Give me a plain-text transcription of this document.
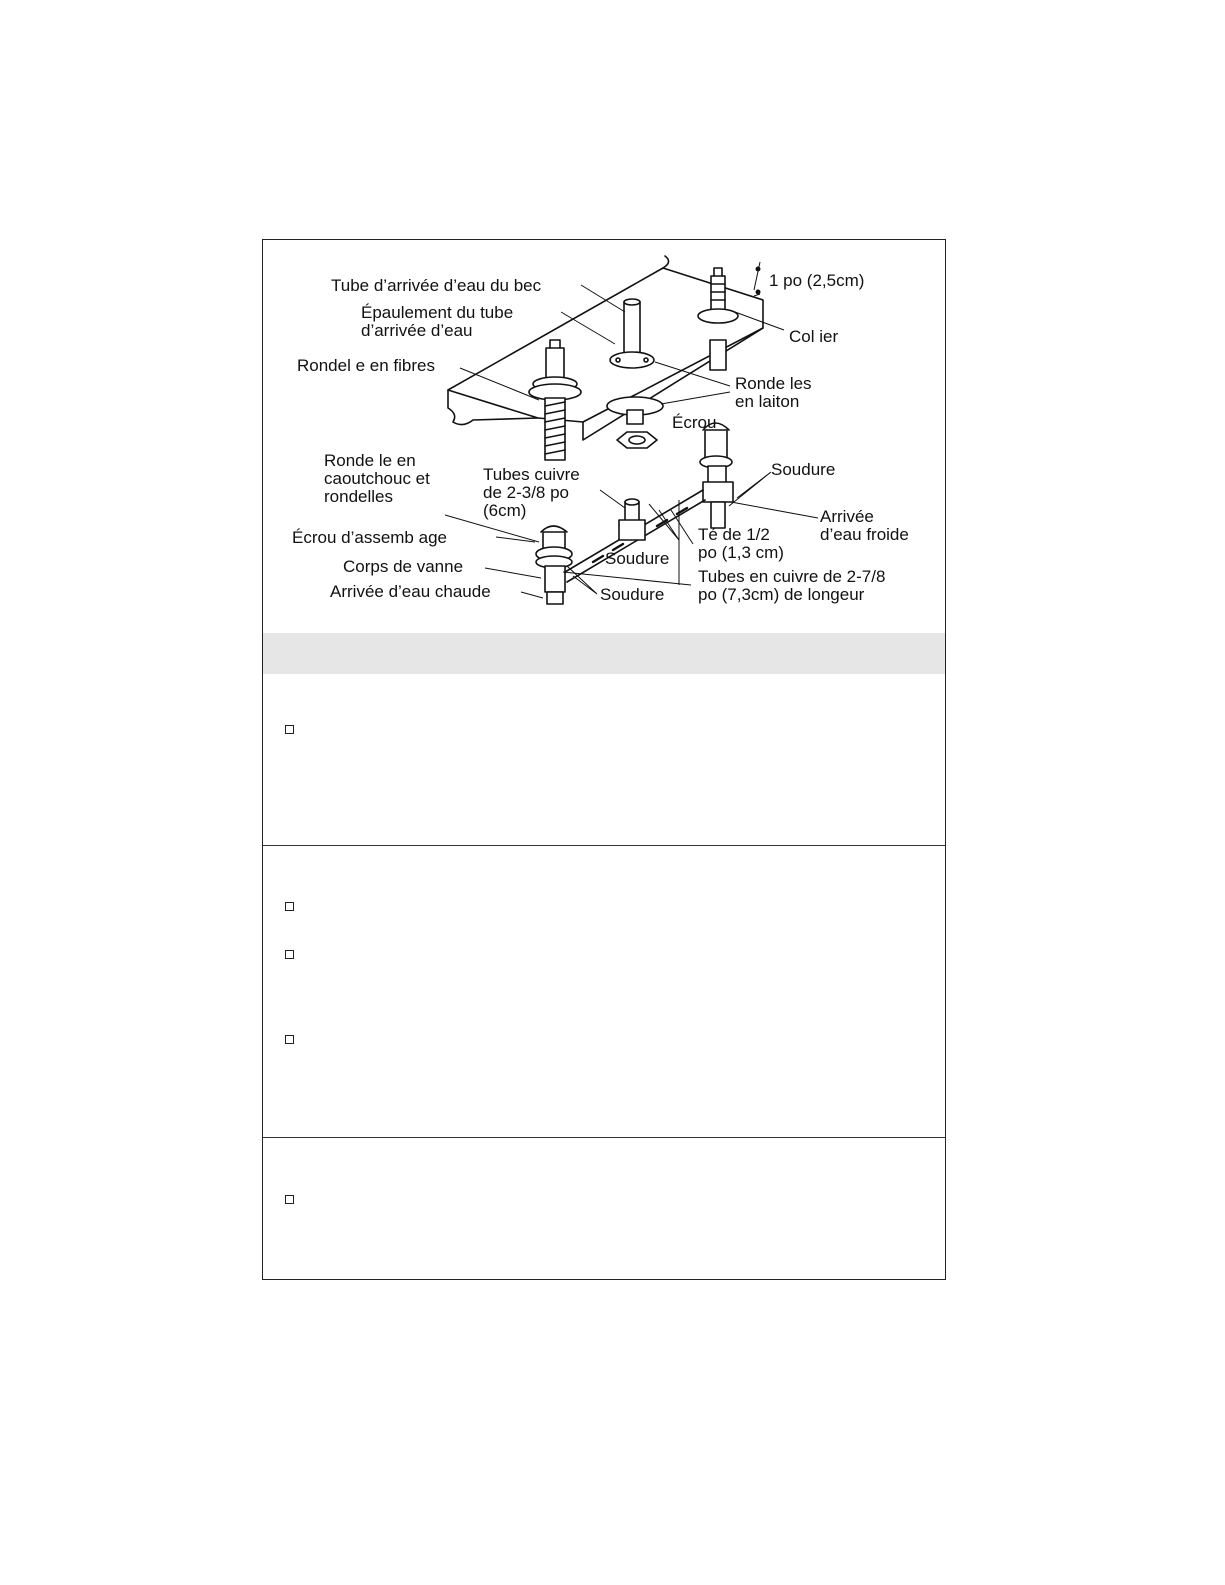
Tube d’arrivée d’eau du bec
Épaulement du tube
d’arrivée d’eau
Rondel e en fibres
1 po (2,5cm)
Col ier
Ronde les
en laiton
Écrou
Ronde le en
caoutchouc et
rondelles
Tubes cuivre
de 2-3/8 po
(6cm)
Soudure
Arrivée
d’eau froide
Écrou d’assemb age
Soudure
Té de 1/2
po (1,3 cm)
Corps de vanne
Tubes en cuivre de 2-7/8
po (7,3cm) de longeur
Arrivée d’eau chaude	Soudure
